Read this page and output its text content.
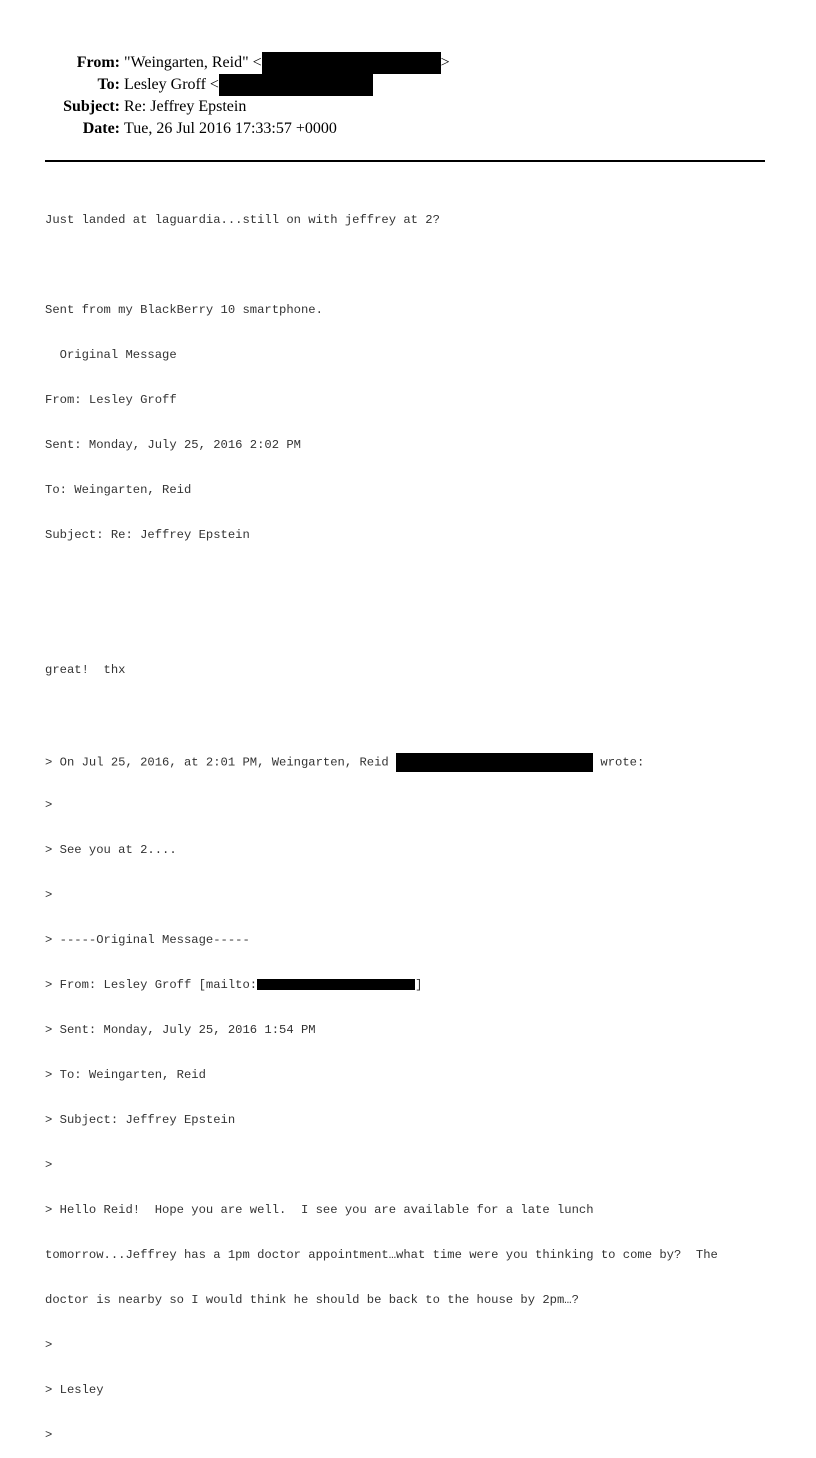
From: "Weingarten, Reid" <	>
To: Lesley Groff <
Subject: Re: Jeffrey Epstein
Date: Tue, 26 Jul 2016 17:33:57 +0000

Just landed at laguardia...still on with jeffrey at 2?

Sent from my BlackBerry 10 smartphone.

Original Message

From: Lesley Groff

Sent: Monday, July 25, 2016 2:02 PM

To: Weingarten, Reid

Subject: Re: Jeffrey Epstein

great!  thx

> On Jul 25, 2016, at 2:01 PM, Weingarten, Reid	wrote:

>

> See you at 2....

>

> -----Original Message-----

> From: Lesley Groff [mailto:	]

> Sent: Monday, July 25, 2016 1:54 PM

> To: Weingarten, Reid

> Subject: Jeffrey Epstein

>

> Hello Reid!  Hope you are well.  I see you are available for a late lunch

tomorrow...Jeffrey has a 1pm doctor appointment…what time were you thinking to come by?  The

doctor is nearby so I would think he should be back to the house by 2pm…?

>

> Lesley

>
